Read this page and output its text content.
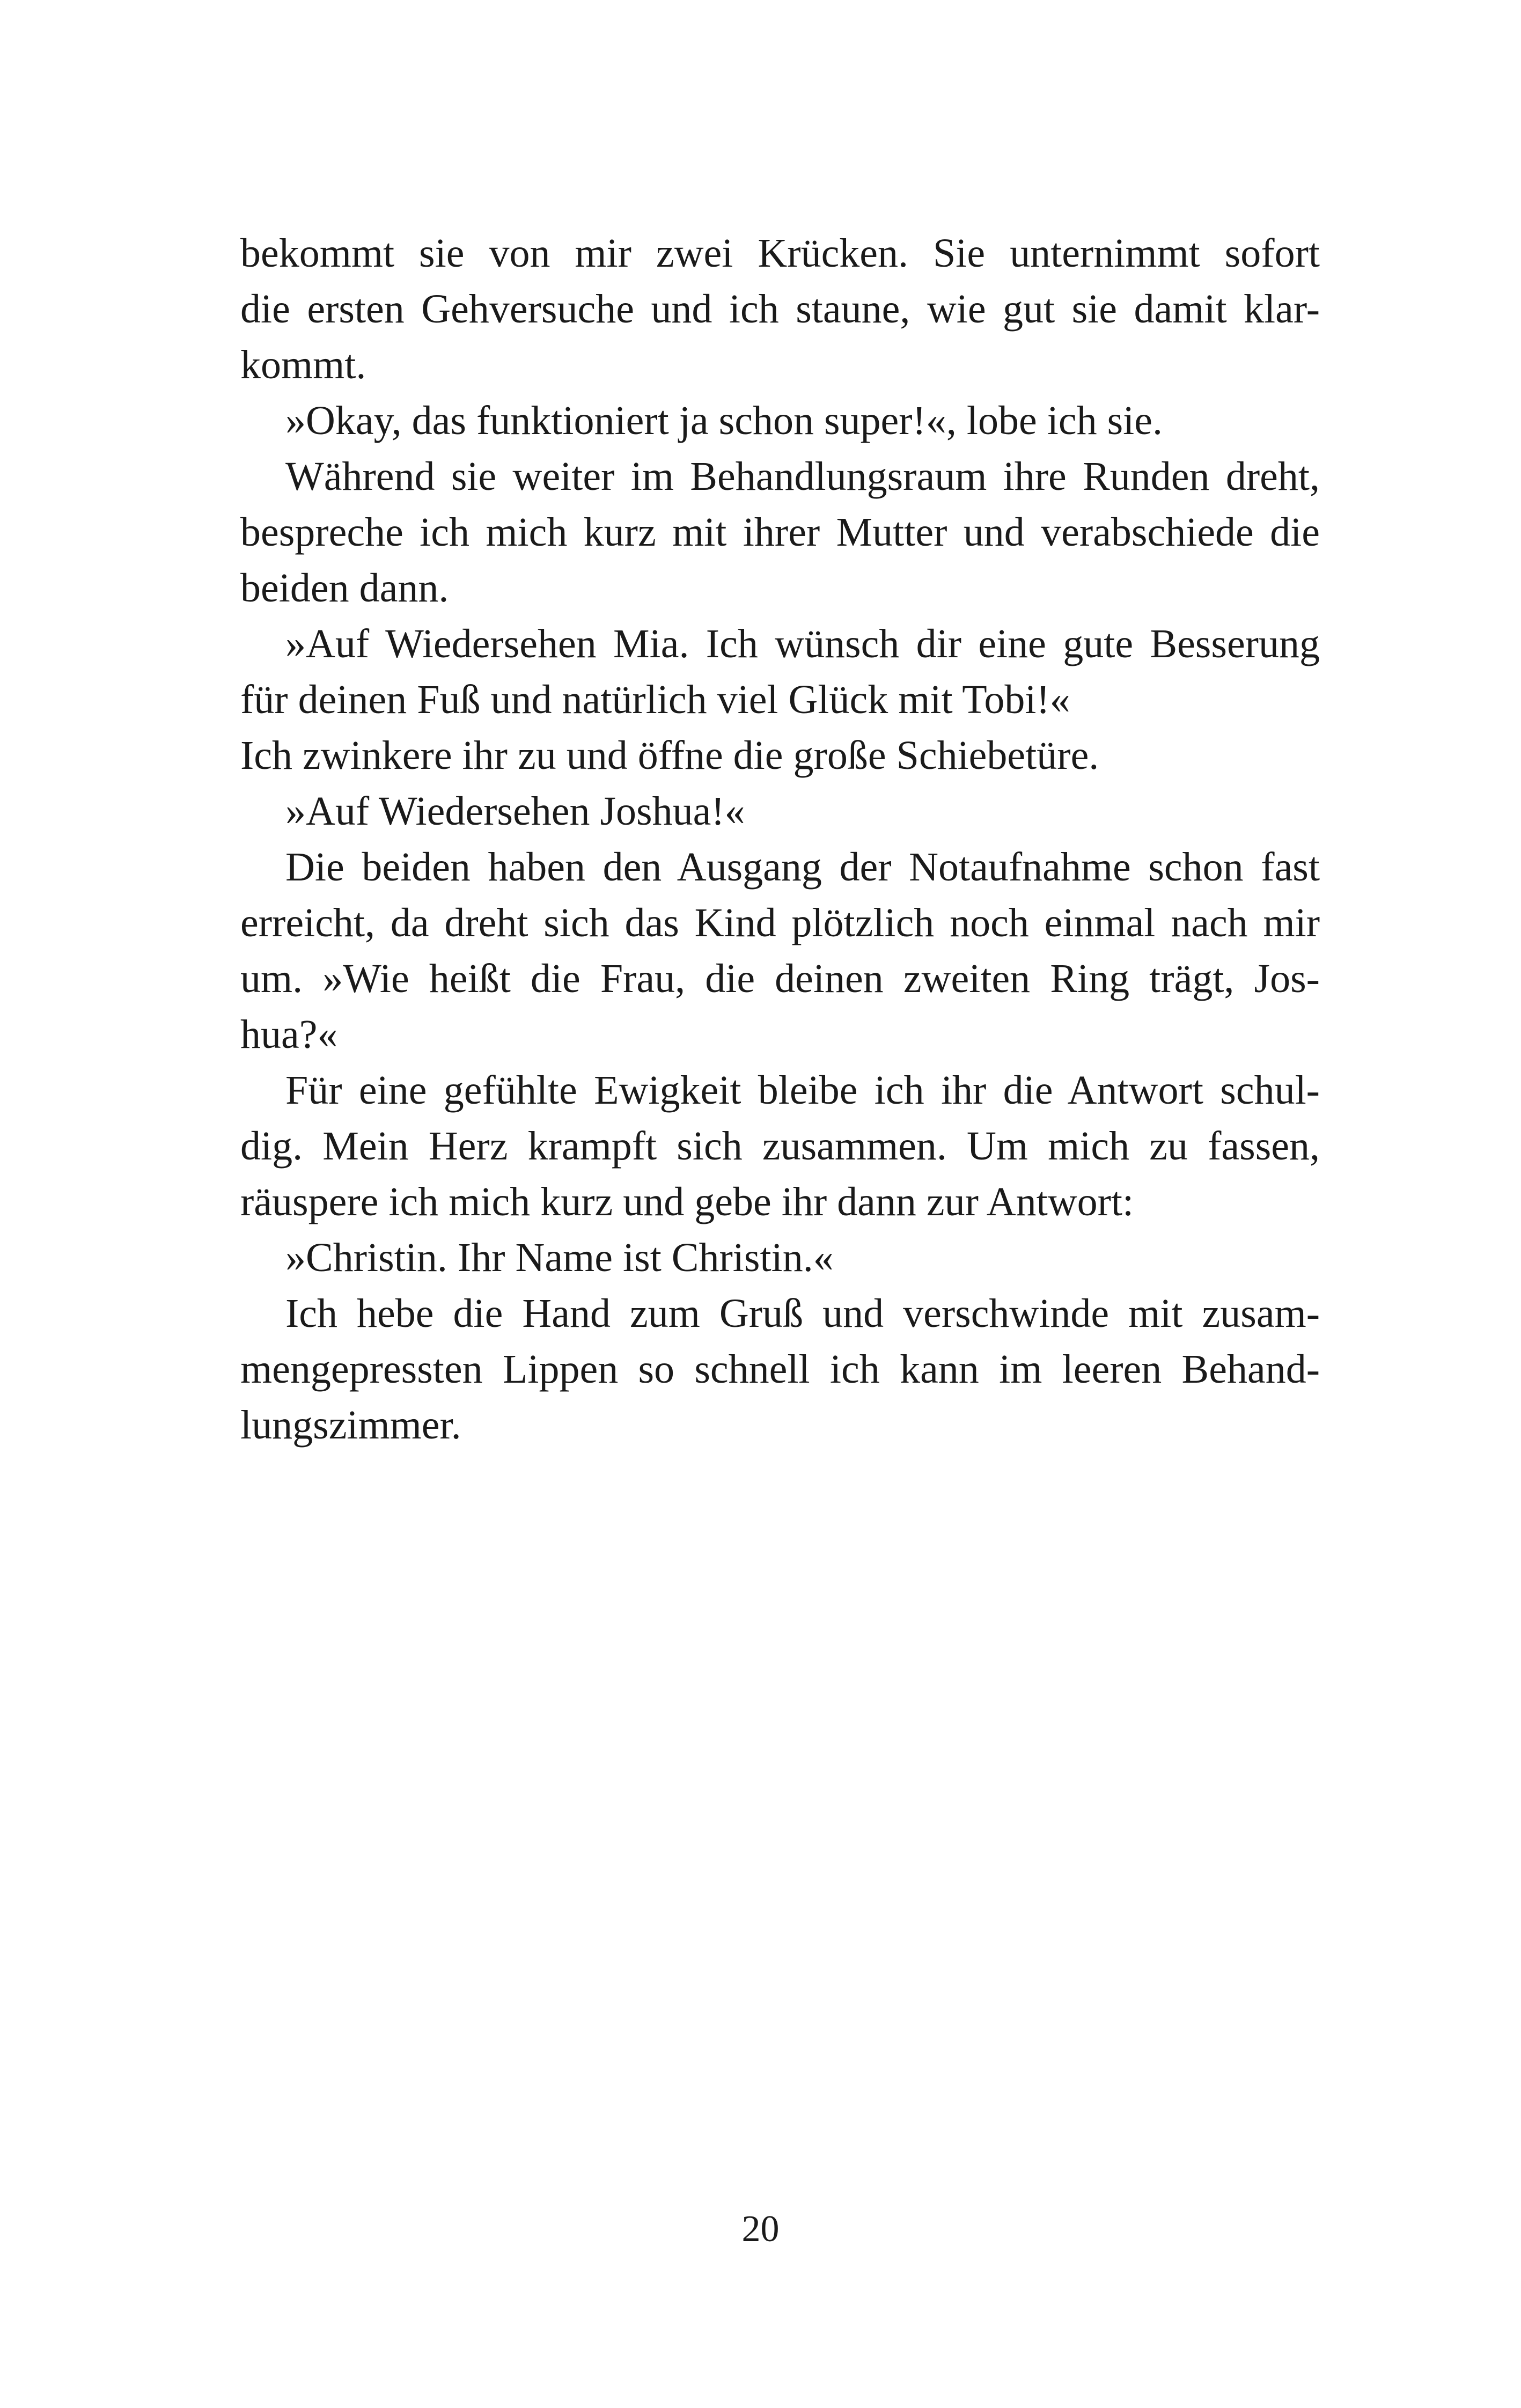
bekommt sie von mir zwei Krücken. Sie unternimmt sofort
die ersten Gehversuche und ich staune, wie gut sie damit klar-
kommt.
»Okay, das funktioniert ja schon super!«, lobe ich sie.
Während sie weiter im Behandlungsraum ihre Runden dreht,
bespreche ich mich kurz mit ihrer Mutter und verabschiede die
beiden dann.
»Auf Wiedersehen Mia. Ich wünsch dir eine gute Besserung
für deinen Fuß und natürlich viel Glück mit Tobi!«
Ich zwinkere ihr zu und öffne die große Schiebetüre.
»Auf Wiedersehen Joshua!«
Die beiden haben den Ausgang der Notaufnahme schon fast
erreicht, da dreht sich das Kind plötzlich noch einmal nach mir
um. »Wie heißt die Frau, die deinen zweiten Ring trägt, Jos-
hua?«
Für eine gefühlte Ewigkeit bleibe ich ihr die Antwort schul-
dig. Mein Herz krampft sich zusammen. Um mich zu fassen,
räuspere ich mich kurz und gebe ihr dann zur Antwort:
»Christin. Ihr Name ist Christin.«
Ich hebe die Hand zum Gruß und verschwinde mit zusam-
mengepressten Lippen so schnell ich kann im leeren Behand-
lungszimmer.
20
